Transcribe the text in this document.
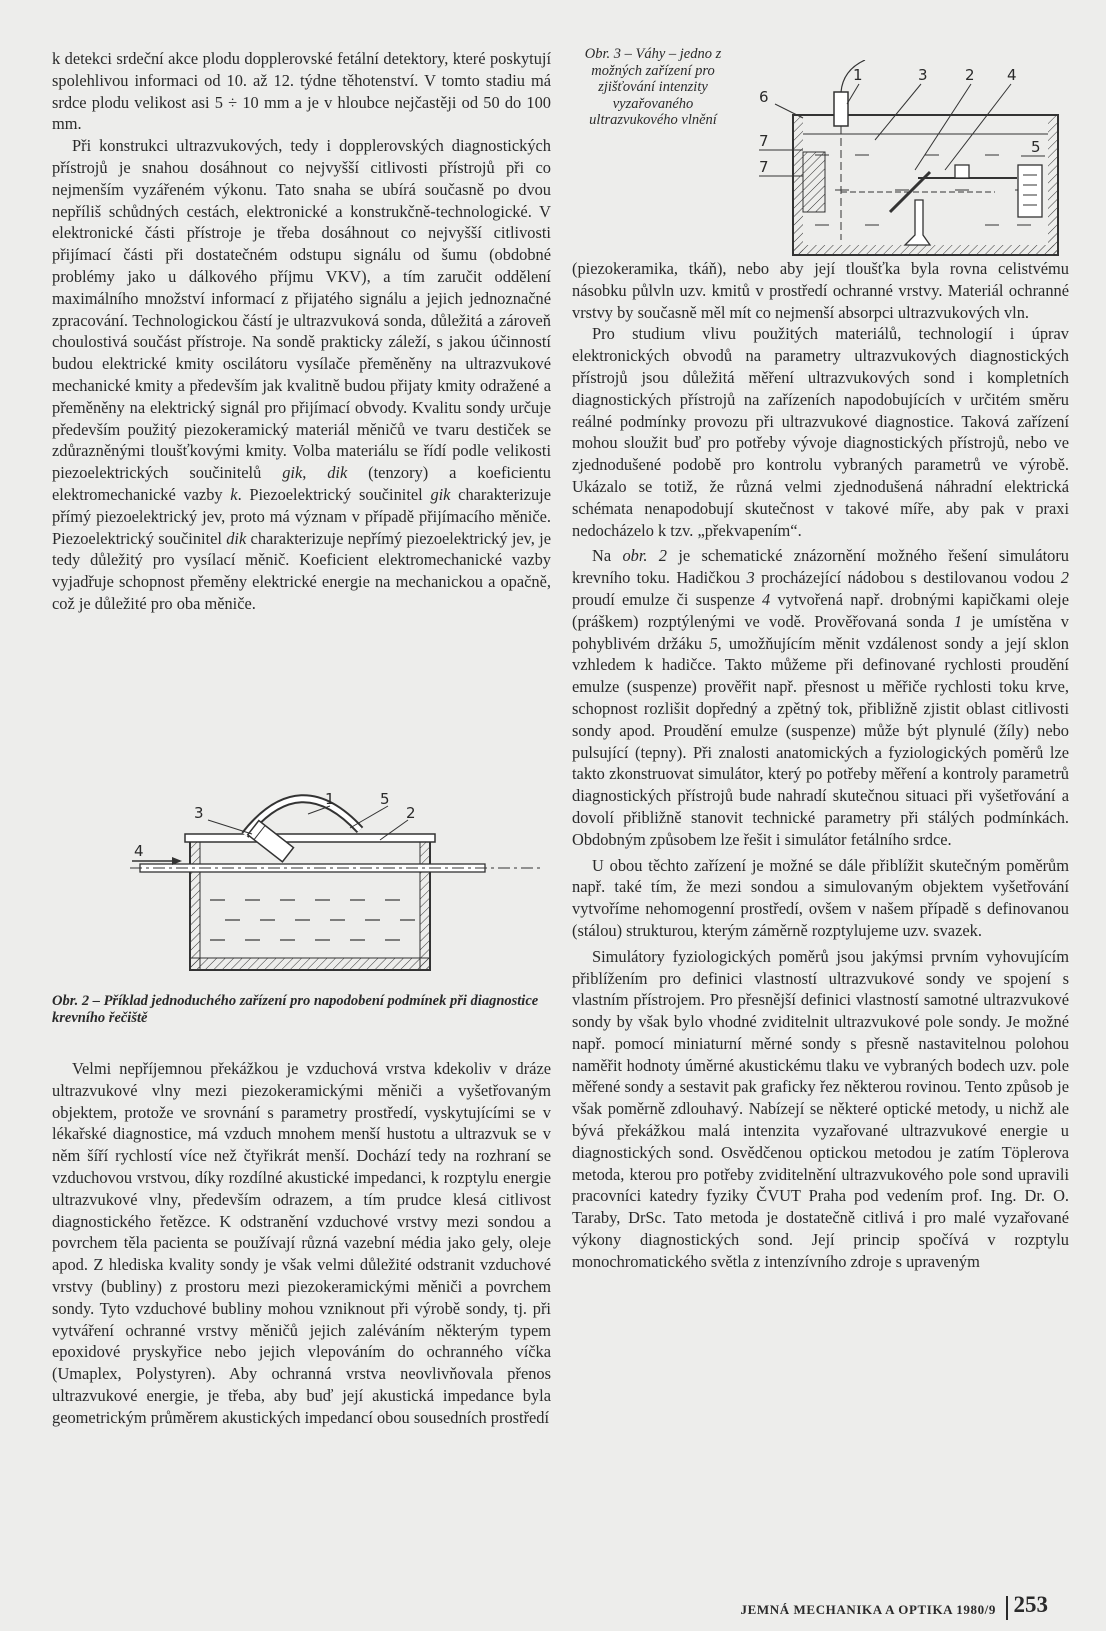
k detekci srdeční akce plodu dopplerovské fetální detektory, které poskytují spolehlivou informaci od 10. až 12. týdne těhotenství. V tomto stadiu má srdce plodu velikost asi 5 ÷ 10 mm a je v hloubce nejčastěji od 50 do 100 mm.

Při konstrukci ultrazvukových, tedy i dopplerovských diagnostických přístrojů je snahou dosáhnout co nejvyšší citlivosti přístrojů při co nejmenším vyzářeném výkonu. Tato snaha se ubírá současně po dvou nepříliš schůdných cestách, elektronické a konstrukčně-technologické. V elektronické části přístroje je třeba dosáhnout co nejvyšší citlivosti přijímací části při dostatečném odstupu signálu od šumu (obdobné problémy jako u dálkového příjmu VKV), a tím zaručit oddělení maximálního množství informací z přijatého signálu a jejich jednoznačné zpracování. Technologickou částí je ultrazvuková sonda, důležitá a zároveň choulostivá součást přístroje. Na sondě prakticky záleží, s jakou účinností budou elektrické kmity oscilátoru vysílače přeměněny na ultrazvukové mechanické kmity a především jak kvalitně budou přijaty kmity odražené a přeměněny na elektrický signál pro přijímací obvody. Kvalitu sondy určuje především použitý piezokeramický materiál měničů ve tvaru destiček se zdůrazněnými tloušťkovými kmity. Volba materiálu se řídí podle velikosti piezoelektrických součinitelů gik, dik (tenzory) a koeficientu elektromechanické vazby k. Piezoelektrický součinitel gik charakterizuje přímý piezoelektrický jev, proto má význam v případě přijímacího měniče. Piezoelektrický součinitel dik charakterizuje nepřímý piezoelektrický jev, je tedy důležitý pro vysílací měnič. Koeficient elektromechanické vazby vyjadřuje schopnost přeměny elektrické energie na mechanickou a opačně, což je důležité pro oba měniče.

1	5
3	2
4
Obr. 2 – Příklad jednoduchého zařízení pro napodobení podmínek při diagnostice krevního řečiště

Velmi nepříjemnou překážkou je vzduchová vrstva kdekoliv v dráze ultrazvukové vlny mezi piezokeramickými měniči a vyšetřovaným objektem, protože ve srovnání s parametry prostředí, vyskytujícími se v lékařské diagnostice, má vzduch mnohem menší hustotu a ultrazvuk se v něm šíří rychlostí více než čtyřikrát menší. Dochází tedy na rozhraní se vzduchovou vrstvou, díky rozdílné akustické impedanci, k rozptylu energie ultrazvukové vlny, především odrazem, a tím prudce klesá citlivost diagnostického řetězce. K odstranění vzduchové vrstvy mezi sondou a povrchem těla pacienta se používají různá vazební média jako gely, oleje apod. Z hlediska kvality sondy je však velmi důležité odstranit vzduchové vrstvy (bubliny) z prostoru mezi piezokeramickými měniči a povrchem sondy. Tyto vzduchové bubliny mohou vzniknout při výrobě sondy, tj. při vytváření ochranné vrstvy měničů jejich zaléváním některým typem epoxidové pryskyřice nebo jejich vlepováním do ochranného víčka (Umaplex, Polystyren). Aby ochranná vrstva neovlivňovala přenos ultrazvukové energie, je třeba, aby buď její akustická impedance byla geometrickým průměrem akustických impedancí obou sousedních prostředí

Obr. 3 – Váhy – jedno z možných zařízení pro zjišťování intenzity vyzařovaného ultrazvukového vlnění
1	3 2 4
6
7
7
5

(piezokeramika, tkáň), nebo aby její tloušťka byla rovna celistvému násobku půlvln uzv. kmitů v prostředí ochranné vrstvy. Materiál ochranné vrstvy by současně měl mít co nejmenší absorpci ultrazvukových vln.

Pro studium vlivu použitých materiálů, technologií i úprav elektronických obvodů na parametry ultrazvukových diagnostických přístrojů jsou důležitá měření ultrazvukových sond i kompletních diagnostických přístrojů na zařízeních napodobujících v určitém směru reálné podmínky provozu při ultrazvukové diagnostice. Taková zařízení mohou sloužit buď pro potřeby vývoje diagnostických přístrojů, nebo ve zjednodušené podobě pro kontrolu vybraných parametrů ve výrobě. Ukázalo se totiž, že různá velmi zjednodušená náhradní elektrická schémata nenapodobují skutečnost v takové míře, aby pak v praxi nedocházelo k tzv. „překvapením“.

Na obr. 2 je schematické znázornění možného řešení simulátoru krevního toku. Hadičkou 3 procházející nádobou s destilovanou vodou 2 proudí emulze či suspenze 4 vytvořená např. drobnými kapičkami oleje (práškem) rozptýlenými ve vodě. Prověřovaná sonda 1 je umístěna v pohyblivém držáku 5, umožňujícím měnit vzdálenost sondy a její sklon vzhledem k hadičce. Takto můžeme při definované rychlosti proudění emulze (suspenze) prověřit např. přesnost u měřiče rychlosti toku krve, schopnost rozlišit dopředný a zpětný tok, přibližně zjistit oblast citlivosti sondy apod. Proudění emulze (suspenze) může být plynulé (žíly) nebo pulsující (tepny). Při znalosti anatomických a fyziologických poměrů lze takto zkonstruovat simulátor, který po potřeby měření a kontroly parametrů diagnostických přístrojů bude nahradí skutečnou situaci při vyšetřování a dovolí přibližně stanovit technické parametry při stálých podmínkách. Obdobným způsobem lze řešit i simulátor fetálního srdce.

U obou těchto zařízení je možné se dále přiblížit skutečným poměrům např. také tím, že mezi sondou a simulovaným objektem vyšetřování vytvoříme nehomogenní prostředí, ovšem v našem případě s definovanou (stálou) strukturou, kterým záměrně rozptylujeme uzv. svazek.

Simulátory fyziologických poměrů jsou jakýmsi prvním vyhovujícím přiblížením pro definici vlastností ultrazvukové sondy ve spojení s vlastním přístrojem. Pro přesnější definici vlastností samotné ultrazvukové sondy by však bylo vhodné zviditelnit ultrazvukové pole sondy. Je možné např. pomocí miniaturní měrné sondy s přesně nastavitelnou polohou naměřit hodnoty úměrné akustickému tlaku ve vybraných bodech uzv. pole měřené sondy a sestavit pak graficky řez některou rovinou. Tento způsob je však poměrně zdlouhavý. Nabízejí se některé optické metody, u nichž ale bývá překážkou malá intenzita vyzařované ultrazvukové energie u diagnostických sond. Osvědčenou optickou metodou je zatím Töplerova metoda, kterou pro potřeby zviditelnění ultrazvukového pole sond upravili pracovníci katedry fyziky ČVUT Praha pod vedením prof. Ing. Dr. O. Taraby, DrSc. Tato metoda je dostatečně citlivá i pro malé vyzařované výkony diagnostických sond. Její princip spočívá v rozptylu monochromatického světla z intenzívního zdroje s upraveným

JEMNÁ MECHANIKA A OPTIKA 1980/9 253
